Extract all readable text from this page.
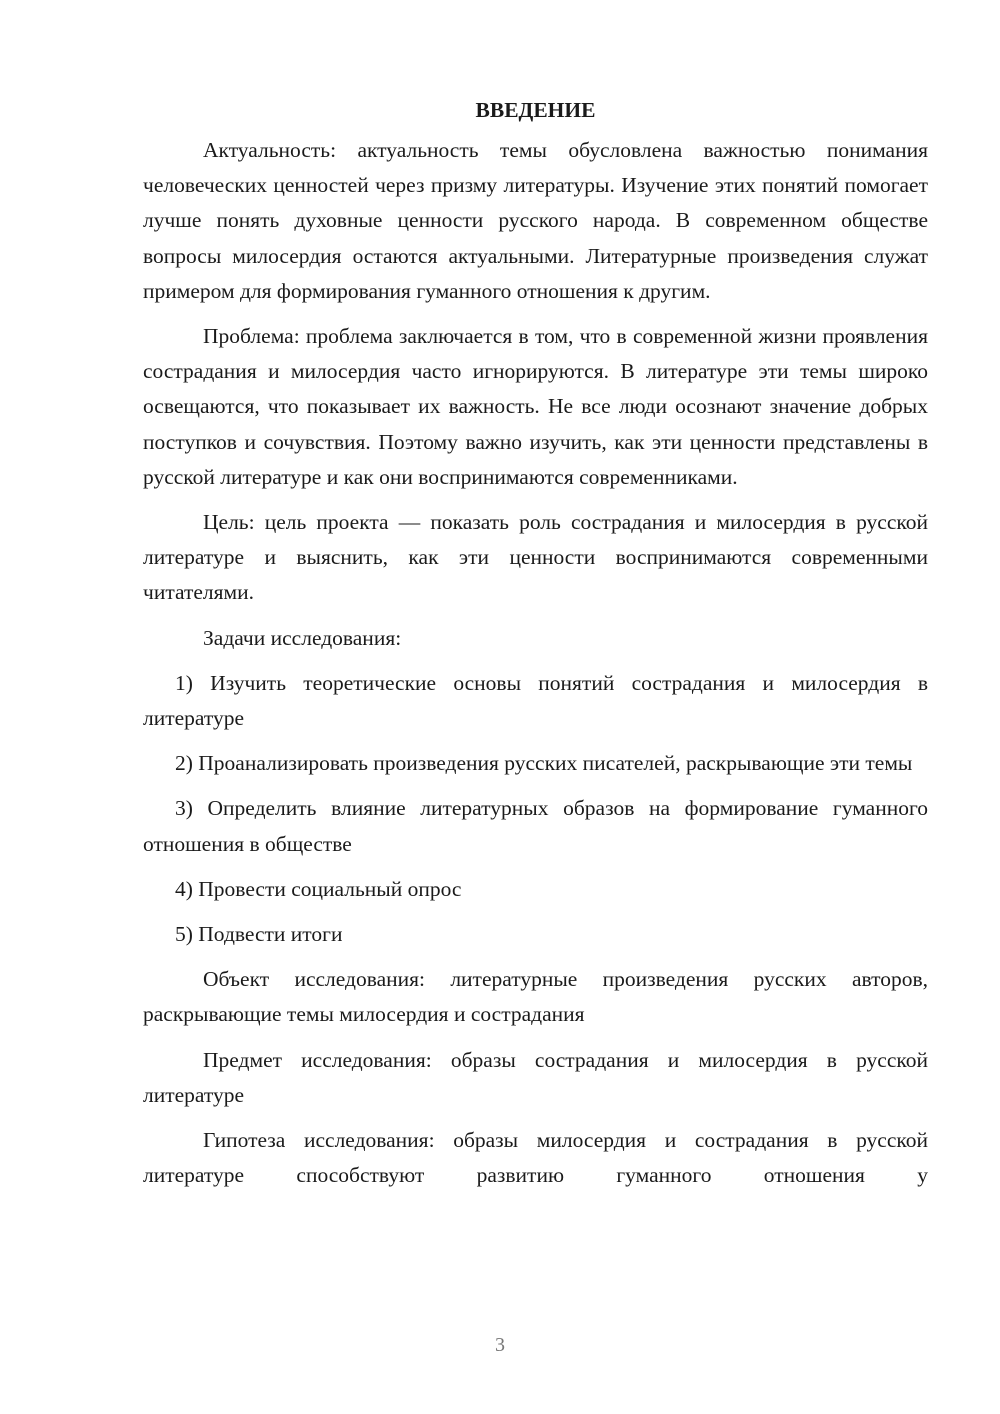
ВВЕДЕНИЕ

Актуальность: актуальность темы обусловлена важностью понимания человеческих ценностей через призму литературы. Изучение этих понятий помогает лучше понять духовные ценности русского народа. В современном обществе вопросы милосердия остаются актуальными. Литературные произведения служат примером для формирования гуманного отношения к другим.

Проблема: проблема заключается в том, что в современной жизни проявления сострадания и милосердия часто игнорируются. В литературе эти темы широко освещаются, что показывает их важность. Не все люди осознают значение добрых поступков и сочувствия. Поэтому важно изучить, как эти ценности представлены в русской литературе и как они воспринимаются современниками.

Цель: цель проекта — показать роль сострадания и милосердия в русской литературе и выяснить, как эти ценности воспринимаются современными читателями.

Задачи исследования:

1) Изучить теоретические основы понятий сострадания и милосердия в литературе

2) Проанализировать произведения русских писателей, раскрывающие эти темы

3) Определить влияние литературных образов на формирование гуманного отношения в обществе

4) Провести социальный опрос

5) Подвести итоги

Объект исследования: литературные произведения русских авторов, раскрывающие темы милосердия и сострадания

Предмет исследования: образы сострадания и милосердия в русской литературе

Гипотеза исследования: образы милосердия и сострадания в русской литературе способствуют развитию гуманного отношения у

3
